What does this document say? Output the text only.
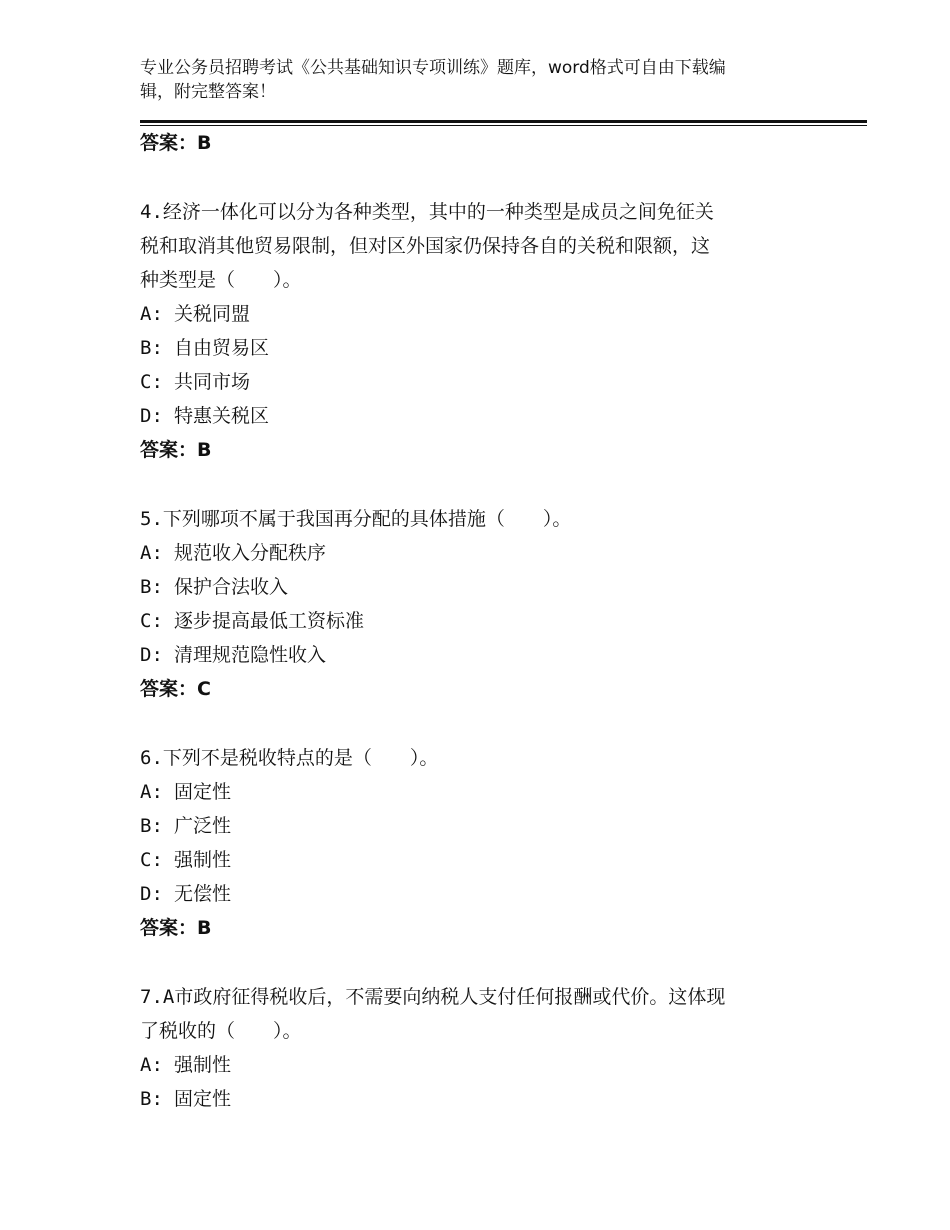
专业公务员招聘考试《公共基础知识专项训练》题库，word格式可自由下载编
辑，附完整答案！
答案：B
4.经济一体化可以分为各种类型，其中的一种类型是成员之间免征关
税和取消其他贸易限制，但对区外国家仍保持各自的关税和限额，这
种类型是（　　）。
A: 关税同盟
B: 自由贸易区
C: 共同市场
D: 特惠关税区
答案：B
5.下列哪项不属于我国再分配的具体措施（　　）。
A: 规范收入分配秩序
B: 保护合法收入
C: 逐步提高最低工资标准
D: 清理规范隐性收入
答案：C
6.下列不是税收特点的是（　　）。
A: 固定性
B: 广泛性
C: 强制性
D: 无偿性
答案：B
7.A市政府征得税收后，不需要向纳税人支付任何报酬或代价。这体现
了税收的（　　）。
A: 强制性
B: 固定性
